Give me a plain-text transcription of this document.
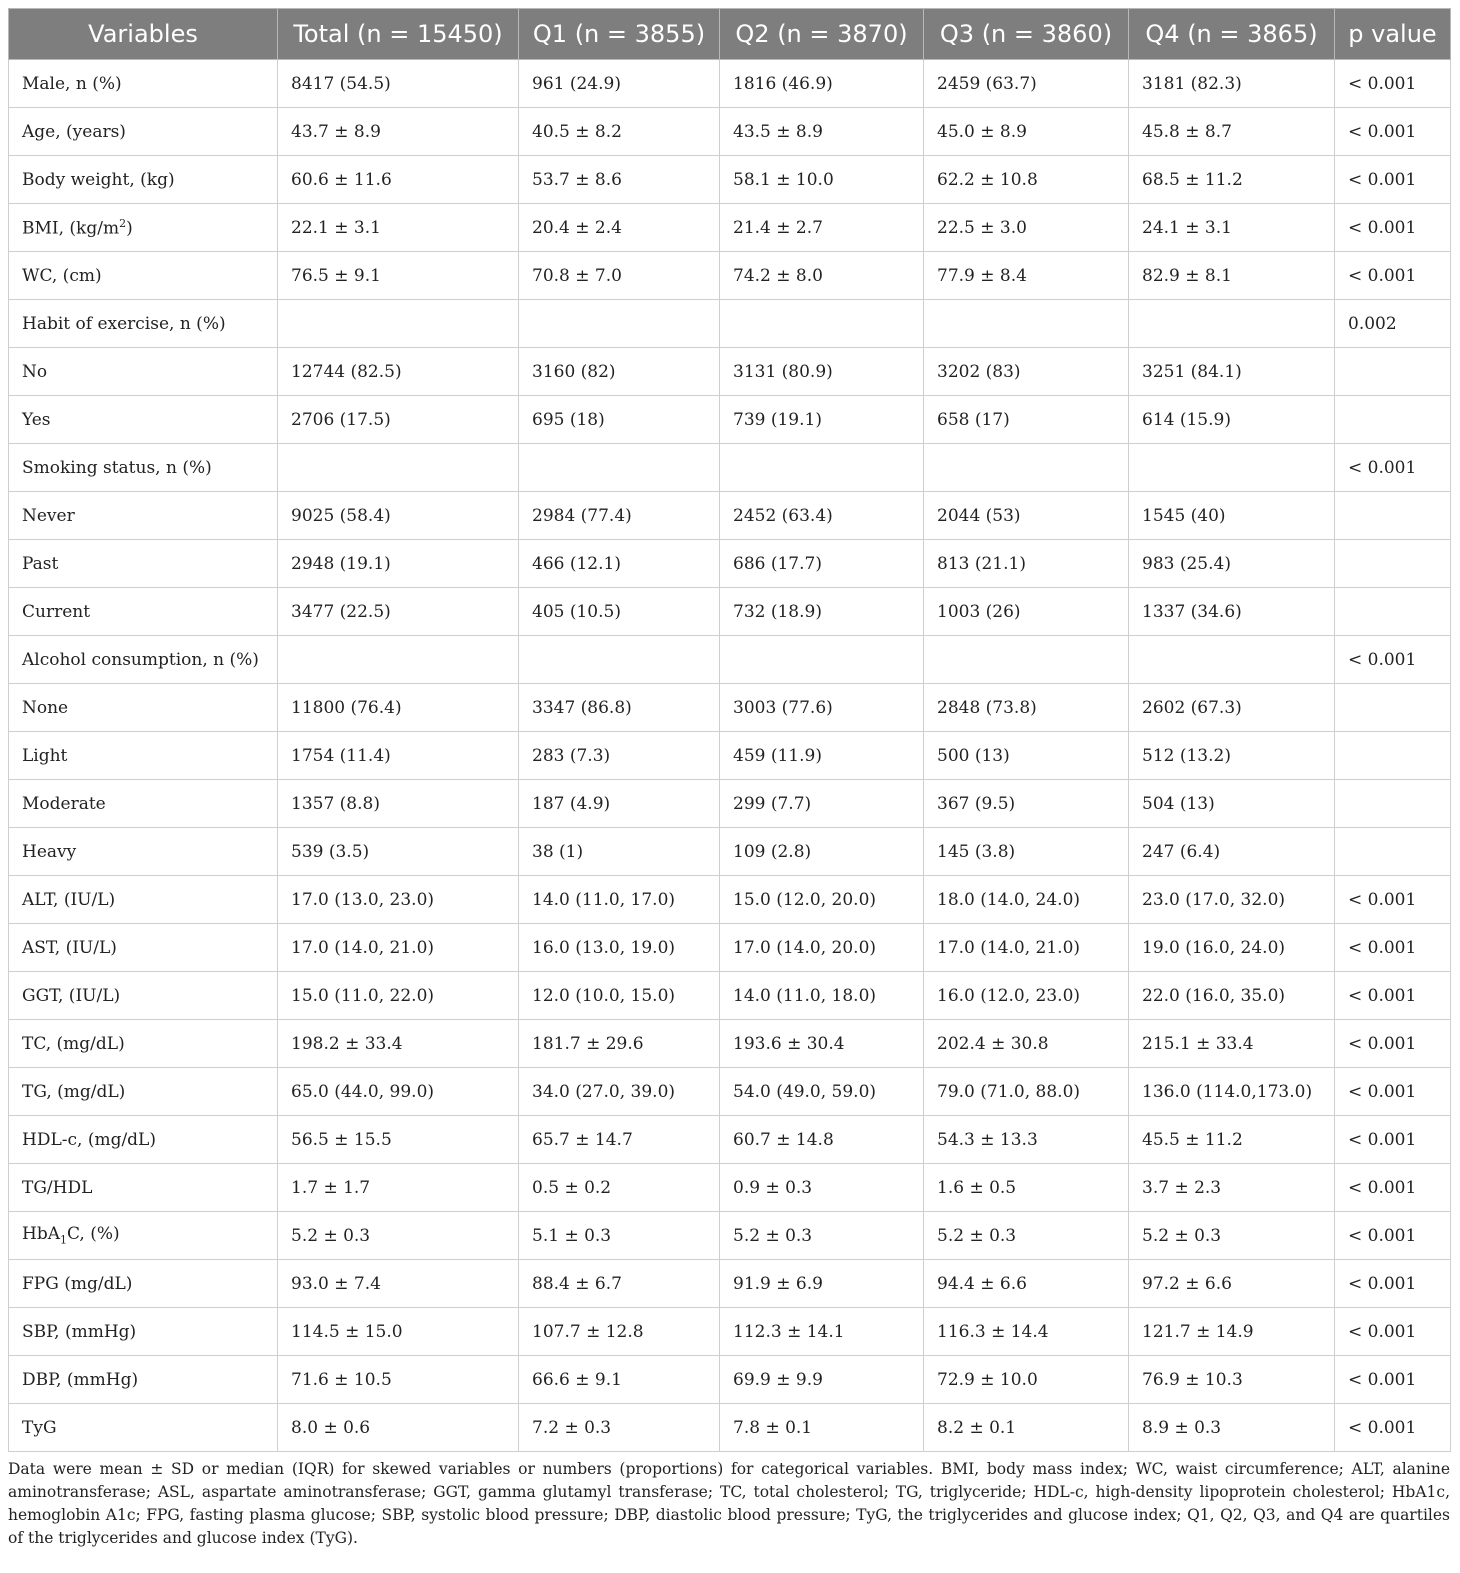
Variables	Total (n = 15450)	Q1 (n = 3855)	Q2 (n = 3870)	Q3 (n = 3860)	Q4 (n = 3865)	p value
Male, n (%)	8417 (54.5)	961 (24.9)	1816 (46.9)	2459 (63.7)	3181 (82.3)	< 0.001
Age, (years)	43.7 ± 8.9	40.5 ± 8.2	43.5 ± 8.9	45.0 ± 8.9	45.8 ± 8.7	< 0.001
Body weight, (kg)	60.6 ± 11.6	53.7 ± 8.6	58.1 ± 10.0	62.2 ± 10.8	68.5 ± 11.2	< 0.001
BMI, $(kg/m^2)$	22.1 ± 3.1	20.4 ± 2.4	21.4 ± 2.7	22.5 ± 3.0	24.1 ± 3.1	< 0.001
WC, (cm)	76.5 ± 9.1	70.8 ± 7.0	74.2 ± 8.0	77.9 ± 8.4	82.9 ± 8.1	< 0.001
Habit of exercise, n (%)						0.002
No	12744 (82.5)	3160 (82)	3131 (80.9)	3202 (83)	3251 (84.1)	
Yes	2706 (17.5)	695 (18)	739 (19.1)	658 (17)	614 (15.9)	
Smoking status, n (%)						< 0.001
Never	9025 (58.4)	2984 (77.4)	2452 (63.4)	2044 (53)	1545 (40)	
Past	2948 (19.1)	466 (12.1)	686 (17.7)	813 (21.1)	983 (25.4)	
Current	3477 (22.5)	405 (10.5)	732 (18.9)	1003 (26)	1337 (34.6)	
Alcohol consumption, n (%)						< 0.001
None	11800 (76.4)	3347 (86.8)	3003 (77.6)	2848 (73.8)	2602 (67.3)	
Light	1754 (11.4)	283 (7.3)	459 (11.9)	500 (13)	512 (13.2)	
Moderate	1357 (8.8)	187 (4.9)	299 (7.7)	367 (9.5)	504 (13)	
Heavy	539 (3.5)	38 (1)	109 (2.8)	145 (3.8)	247 (6.4)	
ALT, (IU/L)	17.0 (13.0, 23.0)	14.0 (11.0, 17.0)	15.0 (12.0, 20.0)	18.0 (14.0, 24.0)	23.0 (17.0, 32.0)	< 0.001
AST, (IU/L)	17.0 (14.0, 21.0)	16.0 (13.0, 19.0)	17.0 (14.0, 20.0)	17.0 (14.0, 21.0)	19.0 (16.0, 24.0)	< 0.001
GGT, (IU/L)	15.0 (11.0, 22.0)	12.0 (10.0, 15.0)	14.0 (11.0, 18.0)	16.0 (12.0, 23.0)	22.0 (16.0, 35.0)	< 0.001
TC, (mg/dL)	198.2 ± 33.4	181.7 ± 29.6	193.6 ± 30.4	202.4 ± 30.8	215.1 ± 33.4	< 0.001
TG, (mg/dL)	65.0 (44.0, 99.0)	34.0 (27.0, 39.0)	54.0 (49.0, 59.0)	79.0 (71.0, 88.0)	136.0 (114.0,173.0)	< 0.001
HDL-c, (mg/dL)	56.5 ± 15.5	65.7 ± 14.7	60.7 ± 14.8	54.3 ± 13.3	45.5 ± 11.2	< 0.001
TG/HDL	1.7 ± 1.7	0.5 ± 0.2	0.9 ± 0.3	1.6 ± 0.5	3.7 ± 2.3	< 0.001
HbA$_1$C, (%)	5.2 ± 0.3	5.1 ± 0.3	5.2 ± 0.3	5.2 ± 0.3	5.2 ± 0.3	< 0.001
FPG (mg/dL)	93.0 ± 7.4	88.4 ± 6.7	91.9 ± 6.9	94.4 ± 6.6	97.2 ± 6.6	< 0.001
SBP, (mmHg)	114.5 ± 15.0	107.7 ± 12.8	112.3 ± 14.1	116.3 ± 14.4	121.7 ± 14.9	< 0.001
DBP, (mmHg)	71.6 ± 10.5	66.6 ± 9.1	69.9 ± 9.9	72.9 ± 10.0	76.9 ± 10.3	< 0.001
TyG	8.0 ± 0.6	7.2 ± 0.3	7.8 ± 0.1	8.2 ± 0.1	8.9 ± 0.3	< 0.001
Data were mean ± SD or median (IQR) for skewed variables or numbers (proportions) for categorical variables. BMI, body mass index; WC, waist circumference; ALT, alanine aminotransferase; ASL, aspartate aminotransferase; GGT, gamma glutamyl transferase; TC, total cholesterol; TG, triglyceride; HDL-c, high-density lipoprotein cholesterol; HbA1c, hemoglobin A1c; FPG, fasting plasma glucose; SBP, systolic blood pressure; DBP, diastolic blood pressure; TyG, the triglycerides and glucose index; Q1, Q2, Q3, and Q4 are quartiles of the triglycerides and glucose index (TyG).
